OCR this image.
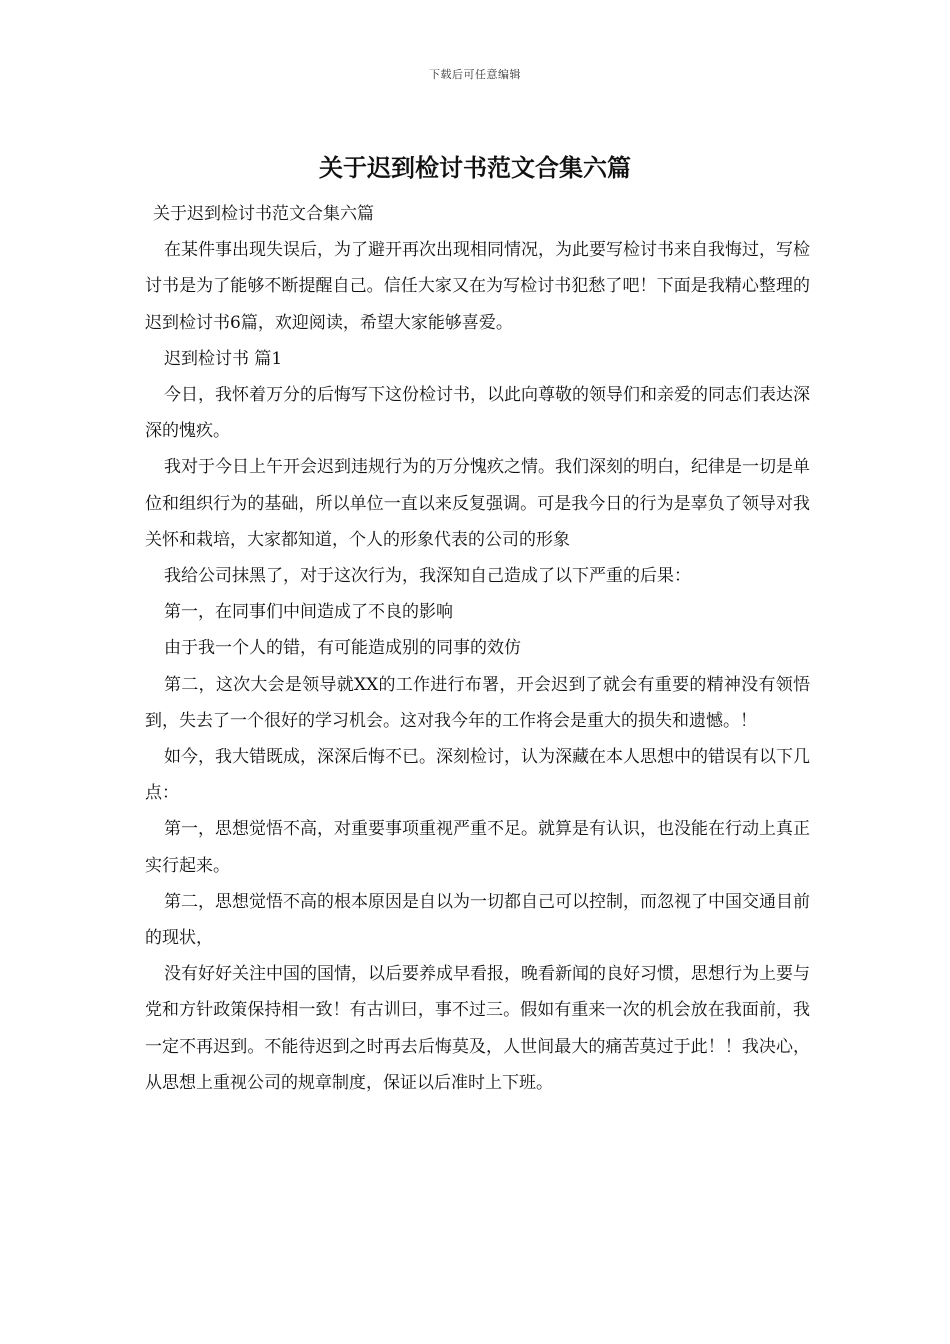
下载后可任意编辑
关于迟到检讨书范文合集六篇

关于迟到检讨书范文合集六篇

在某件事出现失误后，为了避开再次出现相同情况，为此要写检讨书来自我悔过，写检讨书是为了能够不断提醒自己。信任大家又在为写检讨书犯愁了吧！下面是我精心整理的迟到检讨书6篇，欢迎阅读，希望大家能够喜爱。

迟到检讨书 篇1

今日，我怀着万分的后悔写下这份检讨书，以此向尊敬的领导们和亲爱的同志们表达深深的愧疚。

我对于今日上午开会迟到违规行为的万分愧疚之情。我们深刻的明白，纪律是一切是单位和组织行为的基础，所以单位一直以来反复强调。可是我今日的行为是辜负了领导对我关怀和栽培，大家都知道，个人的形象代表的公司的形象

我给公司抹黑了，对于这次行为，我深知自己造成了以下严重的后果：

第一，在同事们中间造成了不良的影响

由于我一个人的错，有可能造成别的同事的效仿

第二，这次大会是领导就XX的工作进行布署，开会迟到了就会有重要的精神没有领悟到，失去了一个很好的学习机会。这对我今年的工作将会是重大的损失和遗憾。！

如今，我大错既成，深深后悔不已。深刻检讨，认为深藏在本人思想中的错误有以下几点：

第一，思想觉悟不高，对重要事项重视严重不足。就算是有认识，也没能在行动上真正实行起来。

第二，思想觉悟不高的根本原因是自以为一切都自己可以控制，而忽视了中国交通目前的现状，

没有好好关注中国的国情，以后要养成早看报，晚看新闻的良好习惯，思想行为上要与党和方针政策保持相一致！有古训曰，事不过三。假如有重来一次的机会放在我面前，我一定不再迟到。不能待迟到之时再去后悔莫及，人世间最大的痛苦莫过于此！！我决心，从思想上重视公司的规章制度，保证以后准时上下班。
